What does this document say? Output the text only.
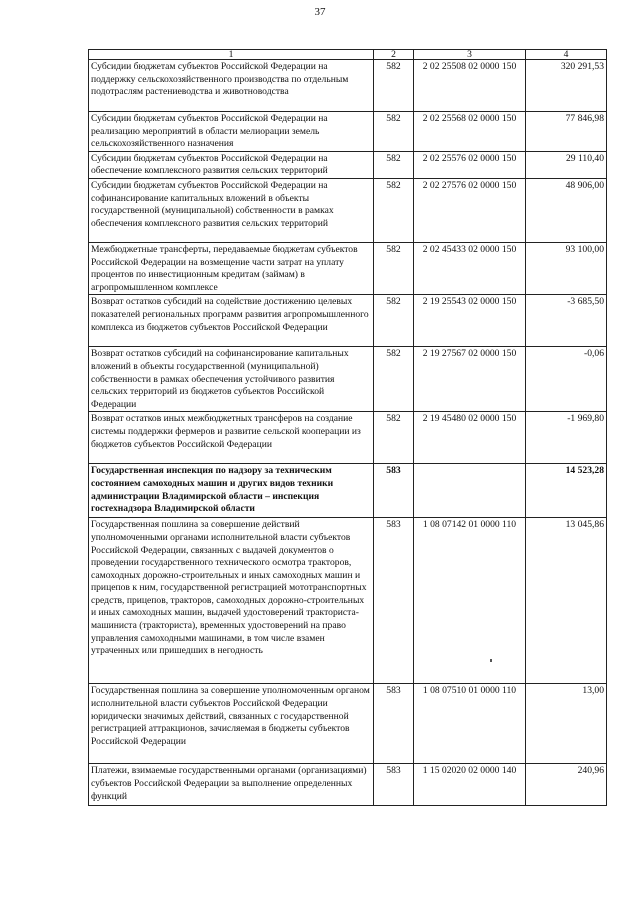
37
1	2	3	4
Субсидии бюджетам субъектов Российской Федерации на поддержку сельскохозяйственного производства по отдельным подотраслям растениеводства и животноводства	582	2 02 25508 02 0000 150	320 291,53
Субсидии бюджетам субъектов Российской Федерации на реализацию мероприятий в области мелиорации земель сельскохозяйственного назначения	582	2 02 25568 02 0000 150	77 846,98
Субсидии бюджетам субъектов Российской Федерации на обеспечение комплексного развития сельских территорий	582	2 02 25576 02 0000 150	29 110,40
Субсидии бюджетам субъектов Российской Федерации на софинансирование капитальных вложений в объекты государственной (муниципальной) собственности в рамках обеспечения комплексного развития сельских территорий	582	2 02 27576 02 0000 150	48 906,00
Межбюджетные трансферты, передаваемые бюджетам субъектов Российской Федерации на возмещение части затрат на уплату процентов по инвестиционным кредитам (займам) в агропромышленном комплексе	582	2 02 45433 02 0000 150	93 100,00
Возврат остатков субсидий на содействие достижению целевых показателей региональных программ развития агропромышленного комплекса из бюджетов субъектов Российской Федерации	582	2 19 25543 02 0000 150	-3 685,50
Возврат остатков субсидий на софинансирование капитальных вложений в объекты государственной (муниципальной) собственности в рамках обеспечения устойчивого развития сельских территорий из бюджетов субъектов Российской Федерации	582	2 19 27567 02 0000 150	-0,06
Возврат остатков иных межбюджетных трансферов на создание системы поддержки фермеров и развитие сельской кооперации из бюджетов субъектов Российской Федерации	582	2 19 45480 02 0000 150	-1 969,80
Государственная инспекция по надзору за техническим состоянием самоходных машин и других видов техники администрации Владимирской области – инспекция гостехнадзора Владимирской области	583		14 523,28
Государственная пошлина за совершение действий уполномоченными органами исполнительной власти субъектов Российской Федерации, связанных с выдачей документов о проведении государственного технического осмотра тракторов, самоходных дорожно-строительных и иных самоходных машин и прицепов к ним, государственной регистрацией мототранспортных средств, прицепов, тракторов, самоходных дорожно-строительных и иных самоходных машин, выдачей удостоверений тракториста-машиниста (тракториста), временных удостоверений на право управления самоходными машинами, в том числе взамен утраченных или пришедших в негодность	583	1 08 07142 01 0000 110	13 045,86
Государственная пошлина за совершение уполномоченным органом исполнительной власти субъектов Российской Федерации юридически значимых действий, связанных с государственной регистрацией аттракционов, зачисляемая в бюджеты субъектов Российской Федерации	583	1 08 07510 01 0000 110	13,00
Платежи, взимаемые государственными органами (организациями) субъектов Российской Федерации за выполнение определенных функций	583	1 15 02020 02 0000 140	240,96
